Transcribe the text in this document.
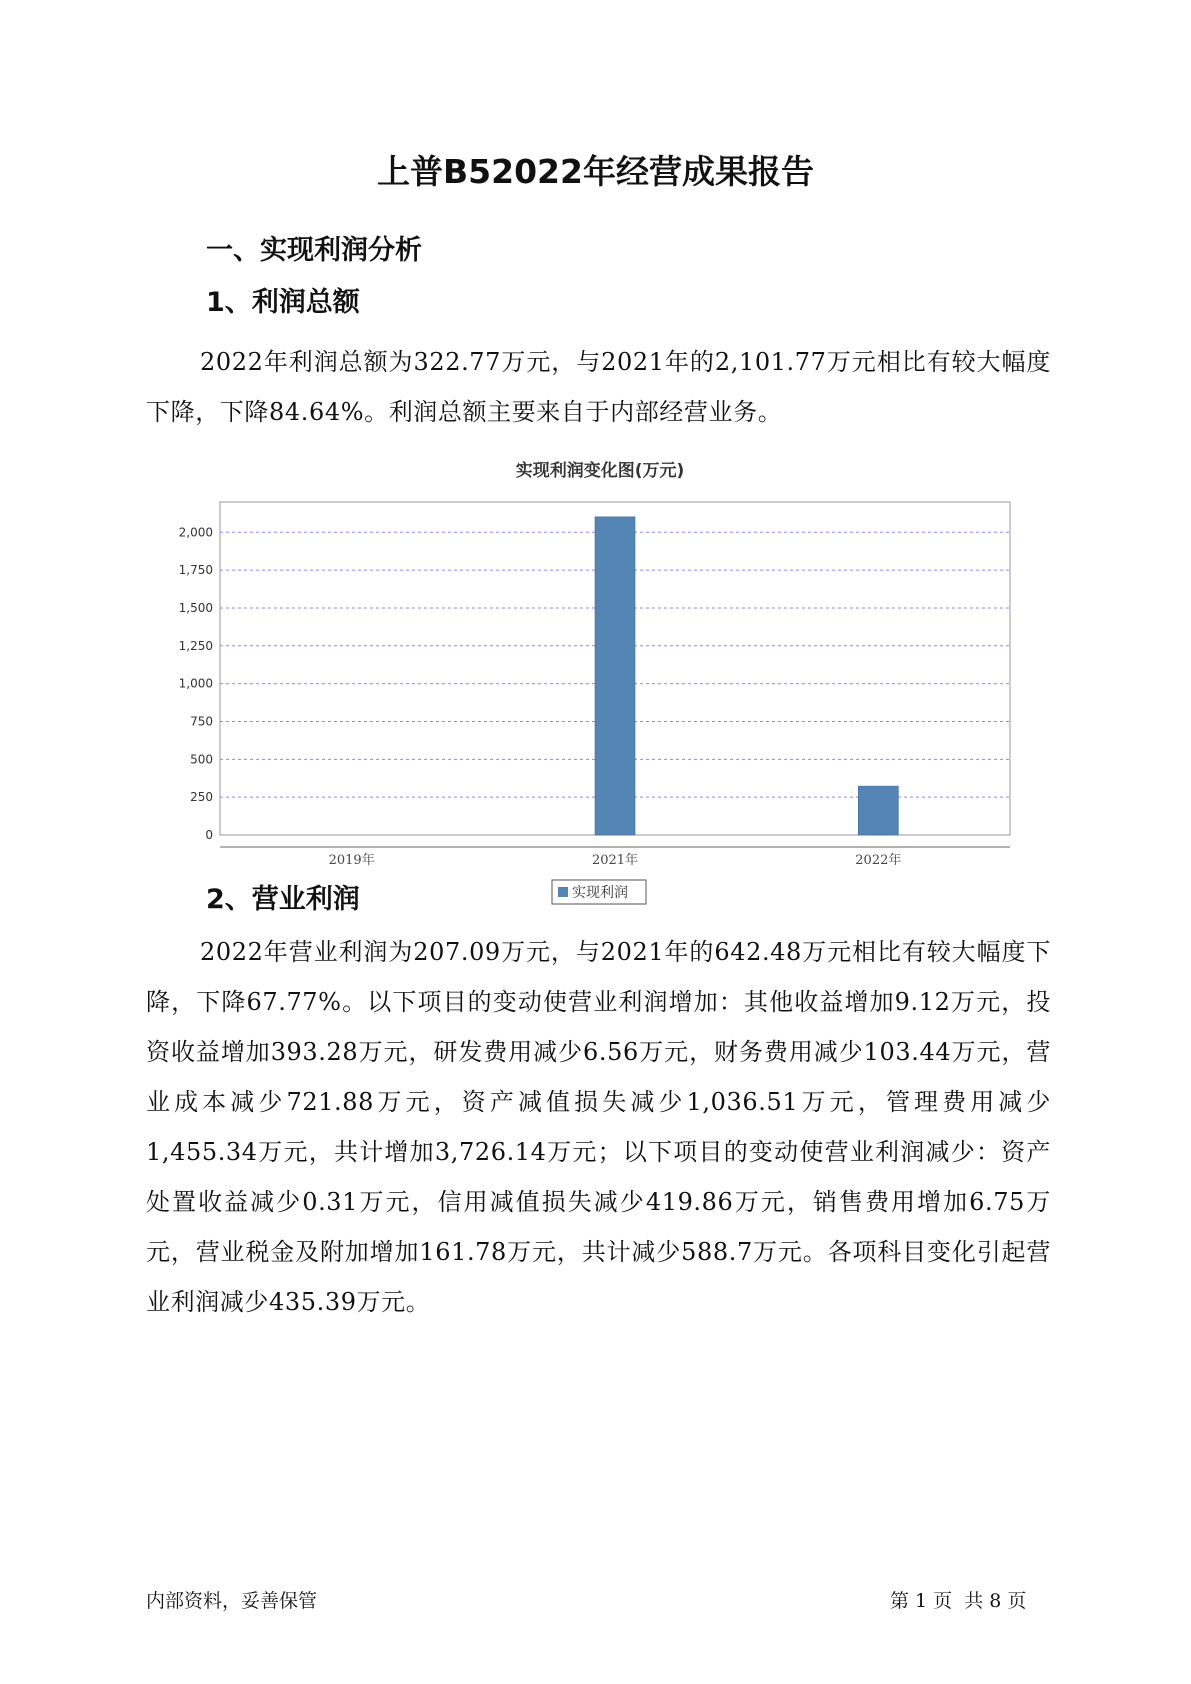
上普B52022年经营成果报告
一、实现利润分析
1、利润总额

2022年利润总额为322.77万元，与2021年的2,101.77万元相比有较大幅度下降，下降84.64%。利润总额主要来自于内部经营业务。

实现利润变化图(万元)
0
250
500
750
1,000
1,250
1,500
1,750
2,000
2019年	2021年	2022年
实现利润
2、营业利润

2022年营业利润为207.09万元，与2021年的642.48万元相比有较大幅度下降，下降67.77%。以下项目的变动使营业利润增加：其他收益增加9.12万元，投资收益增加393.28万元，研发费用减少6.56万元，财务费用减少103.44万元，营业成本减少721.88万元，资产减值损失减少1,036.51万元，管理费用减少1,455.34万元，共计增加3,726.14万元；以下项目的变动使营业利润减少：资产处置收益减少0.31万元，信用减值损失减少419.86万元，销售费用增加6.75万元，营业税金及附加增加161.78万元，共计减少588.7万元。各项科目变化引起营业利润减少435.39万元。

内部资料，妥善保管	第 1 页  共 8 页
